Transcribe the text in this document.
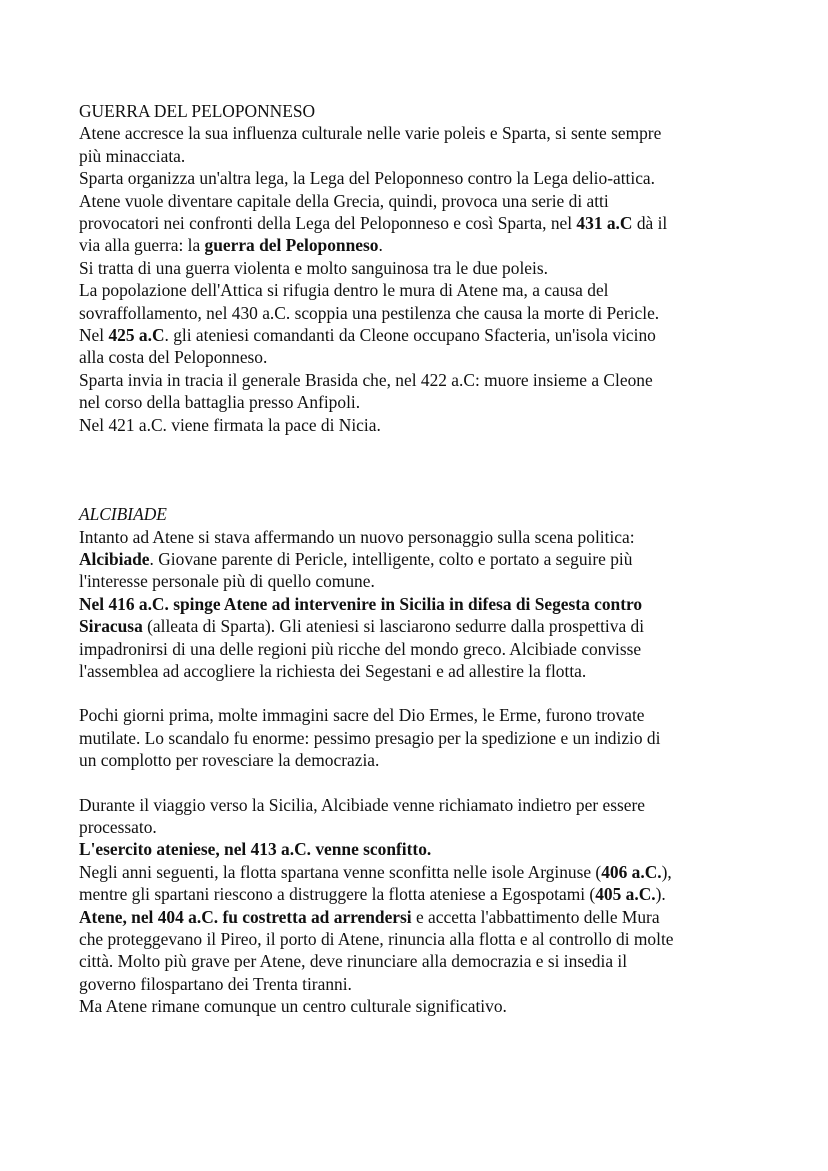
GUERRA DEL PELOPONNESO
Atene accresce la sua influenza culturale nelle varie poleis e Sparta, si sente sempre
più minacciata.
Sparta organizza un'altra lega, la Lega del Peloponneso contro la Lega delio-attica.
Atene vuole diventare capitale della Grecia, quindi, provoca una serie di atti
provocatori nei confronti della Lega del Peloponneso e così Sparta, nel 431 a.C dà il
via alla guerra: la guerra del Peloponneso.
Si tratta di una guerra violenta e molto sanguinosa tra le due poleis.
La popolazione dell'Attica si rifugia dentro le mura di Atene ma, a causa del
sovraffollamento, nel 430 a.C. scoppia una pestilenza che causa la morte di Pericle.
Nel 425 a.C. gli ateniesi comandanti da Cleone occupano Sfacteria, un'isola vicino
alla costa del Peloponneso.
Sparta invia in tracia il generale Brasida che, nel 422 a.C: muore insieme a Cleone
nel corso della battaglia presso Anfipoli.
Nel 421 a.C. viene firmata la pace di Nicia.
ALCIBIADE
Intanto ad Atene si stava affermando un nuovo personaggio sulla scena politica:
Alcibiade. Giovane parente di Pericle, intelligente, colto e portato a seguire più
l'interesse personale più di quello comune.
Nel 416 a.C. spinge Atene ad intervenire in Sicilia in difesa di Segesta contro
Siracusa (alleata di Sparta). Gli ateniesi si lasciarono sedurre dalla prospettiva di
impadronirsi di una delle regioni più ricche del mondo greco. Alcibiade convisse
l'assemblea ad accogliere la richiesta dei Segestani e ad allestire la flotta.
Pochi giorni prima, molte immagini sacre del Dio Ermes, le Erme, furono trovate
mutilate. Lo scandalo fu enorme: pessimo presagio per la spedizione e un indizio di
un complotto per rovesciare la democrazia.
Durante il viaggio verso la Sicilia, Alcibiade venne richiamato indietro per essere
processato.
L'esercito ateniese, nel 413 a.C. venne sconfitto.
Negli anni seguenti, la flotta spartana venne sconfitta nelle isole Arginuse (406 a.C.),
mentre gli spartani riescono a distruggere la flotta ateniese a Egospotami (405 a.C.).
Atene, nel 404 a.C. fu costretta ad arrendersi e accetta l'abbattimento delle Mura
che proteggevano il Pireo, il porto di Atene, rinuncia alla flotta e al controllo di molte
città. Molto più grave per Atene, deve rinunciare alla democrazia e si insedia il
governo filospartano dei Trenta tiranni.
Ma Atene rimane comunque un centro culturale significativo.
